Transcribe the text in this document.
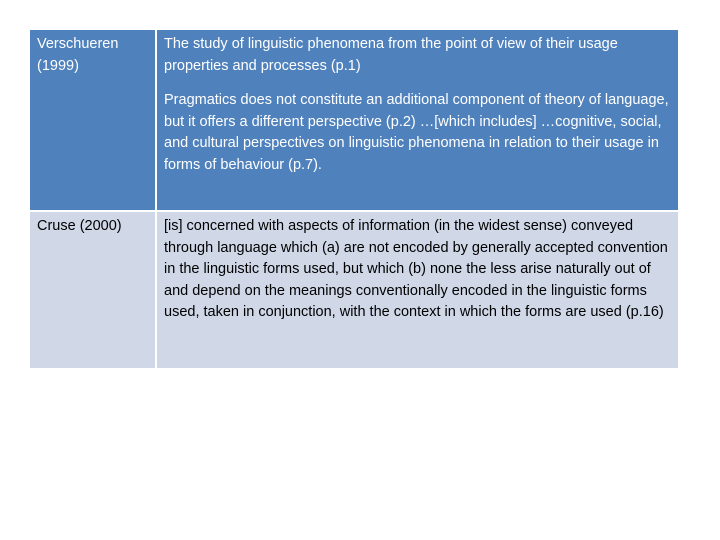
Verschueren (1999)	The study of linguistic phenomena from the point of view of their usage properties and processes (p.1)

Pragmatics does not constitute an additional component of theory of language, but it offers a different perspective (p.2) …[which includes] …cognitive, social, and cultural perspectives on linguistic phenomena in relation to their usage in forms of behaviour (p.7).

Cruse (2000)	[is] concerned with aspects of information (in the widest sense) conveyed through language which (a) are not encoded by generally accepted convention in the linguistic forms used, but which (b) none the less arise naturally out of and depend on the meanings conventionally encoded in the linguistic forms used, taken in conjunction, with the context in which the forms are used (p.16)
